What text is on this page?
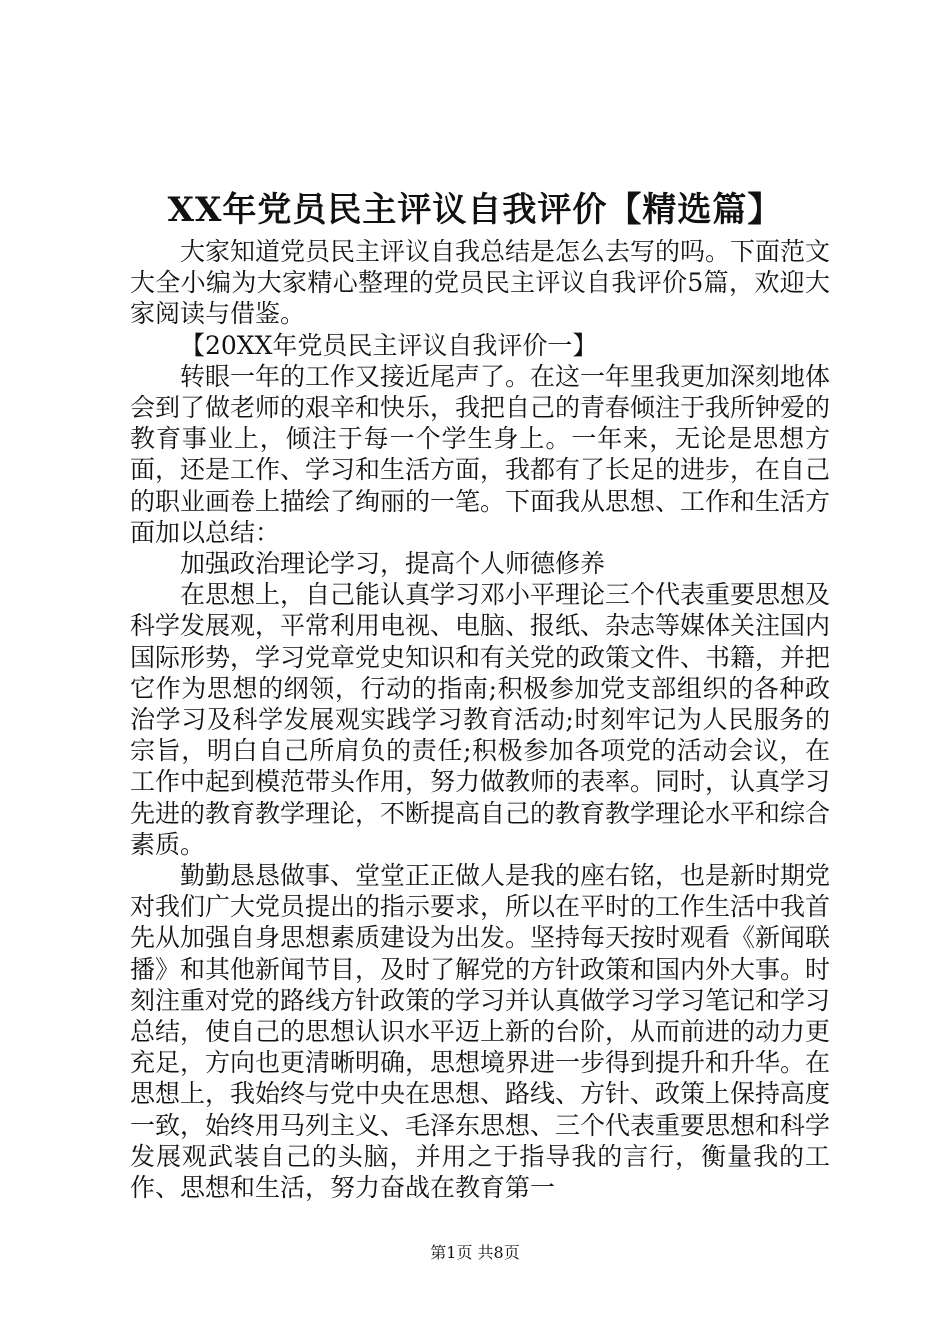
XX年党员民主评议自我评价【精选篇】

大家知道党员民主评议自我总结是怎么去写的吗。下面范文大全小编为大家精心整理的党员民主评议自我评价5篇，欢迎大家阅读与借鉴。

【20XX年党员民主评议自我评价一】

转眼一年的工作又接近尾声了。在这一年里我更加深刻地体会到了做老师的艰辛和快乐，我把自己的青春倾注于我所钟爱的教育事业上，倾注于每一个学生身上。一年来，无论是思想方面，还是工作、学习和生活方面，我都有了长足的进步，在自己的职业画卷上描绘了绚丽的一笔。下面我从思想、工作和生活方面加以总结：

加强政治理论学习，提高个人师德修养

在思想上，自己能认真学习邓小平理论三个代表重要思想及科学发展观，平常利用电视、电脑、报纸、杂志等媒体关注国内国际形势，学习党章党史知识和有关党的政策文件、书籍，并把它作为思想的纲领，行动的指南;积极参加党支部组织的各种政治学习及科学发展观实践学习教育活动;时刻牢记为人民服务的宗旨，明白自己所肩负的责任;积极参加各项党的活动会议，在工作中起到模范带头作用，努力做教师的表率。同时，认真学习先进的教育教学理论，不断提高自己的教育教学理论水平和综合素质。

勤勤恳恳做事、堂堂正正做人是我的座右铭，也是新时期党对我们广大党员提出的指示要求，所以在平时的工作生活中我首先从加强自身思想素质建设为出发。坚持每天按时观看《新闻联播》和其他新闻节目，及时了解党的方针政策和国内外大事。时刻注重对党的路线方针政策的学习并认真做学习学习笔记和学习总结，使自己的思想认识水平迈上新的台阶，从而前进的动力更充足，方向也更清晰明确，思想境界进一步得到提升和升华。在思想上，我始终与党中央在思想、路线、方针、政策上保持高度一致，始终用马列主义、毛泽东思想、三个代表重要思想和科学发展观武装自己的头脑，并用之于指导我的言行，衡量我的工作、思想和生活，努力奋战在教育第一

第1页 共8页
